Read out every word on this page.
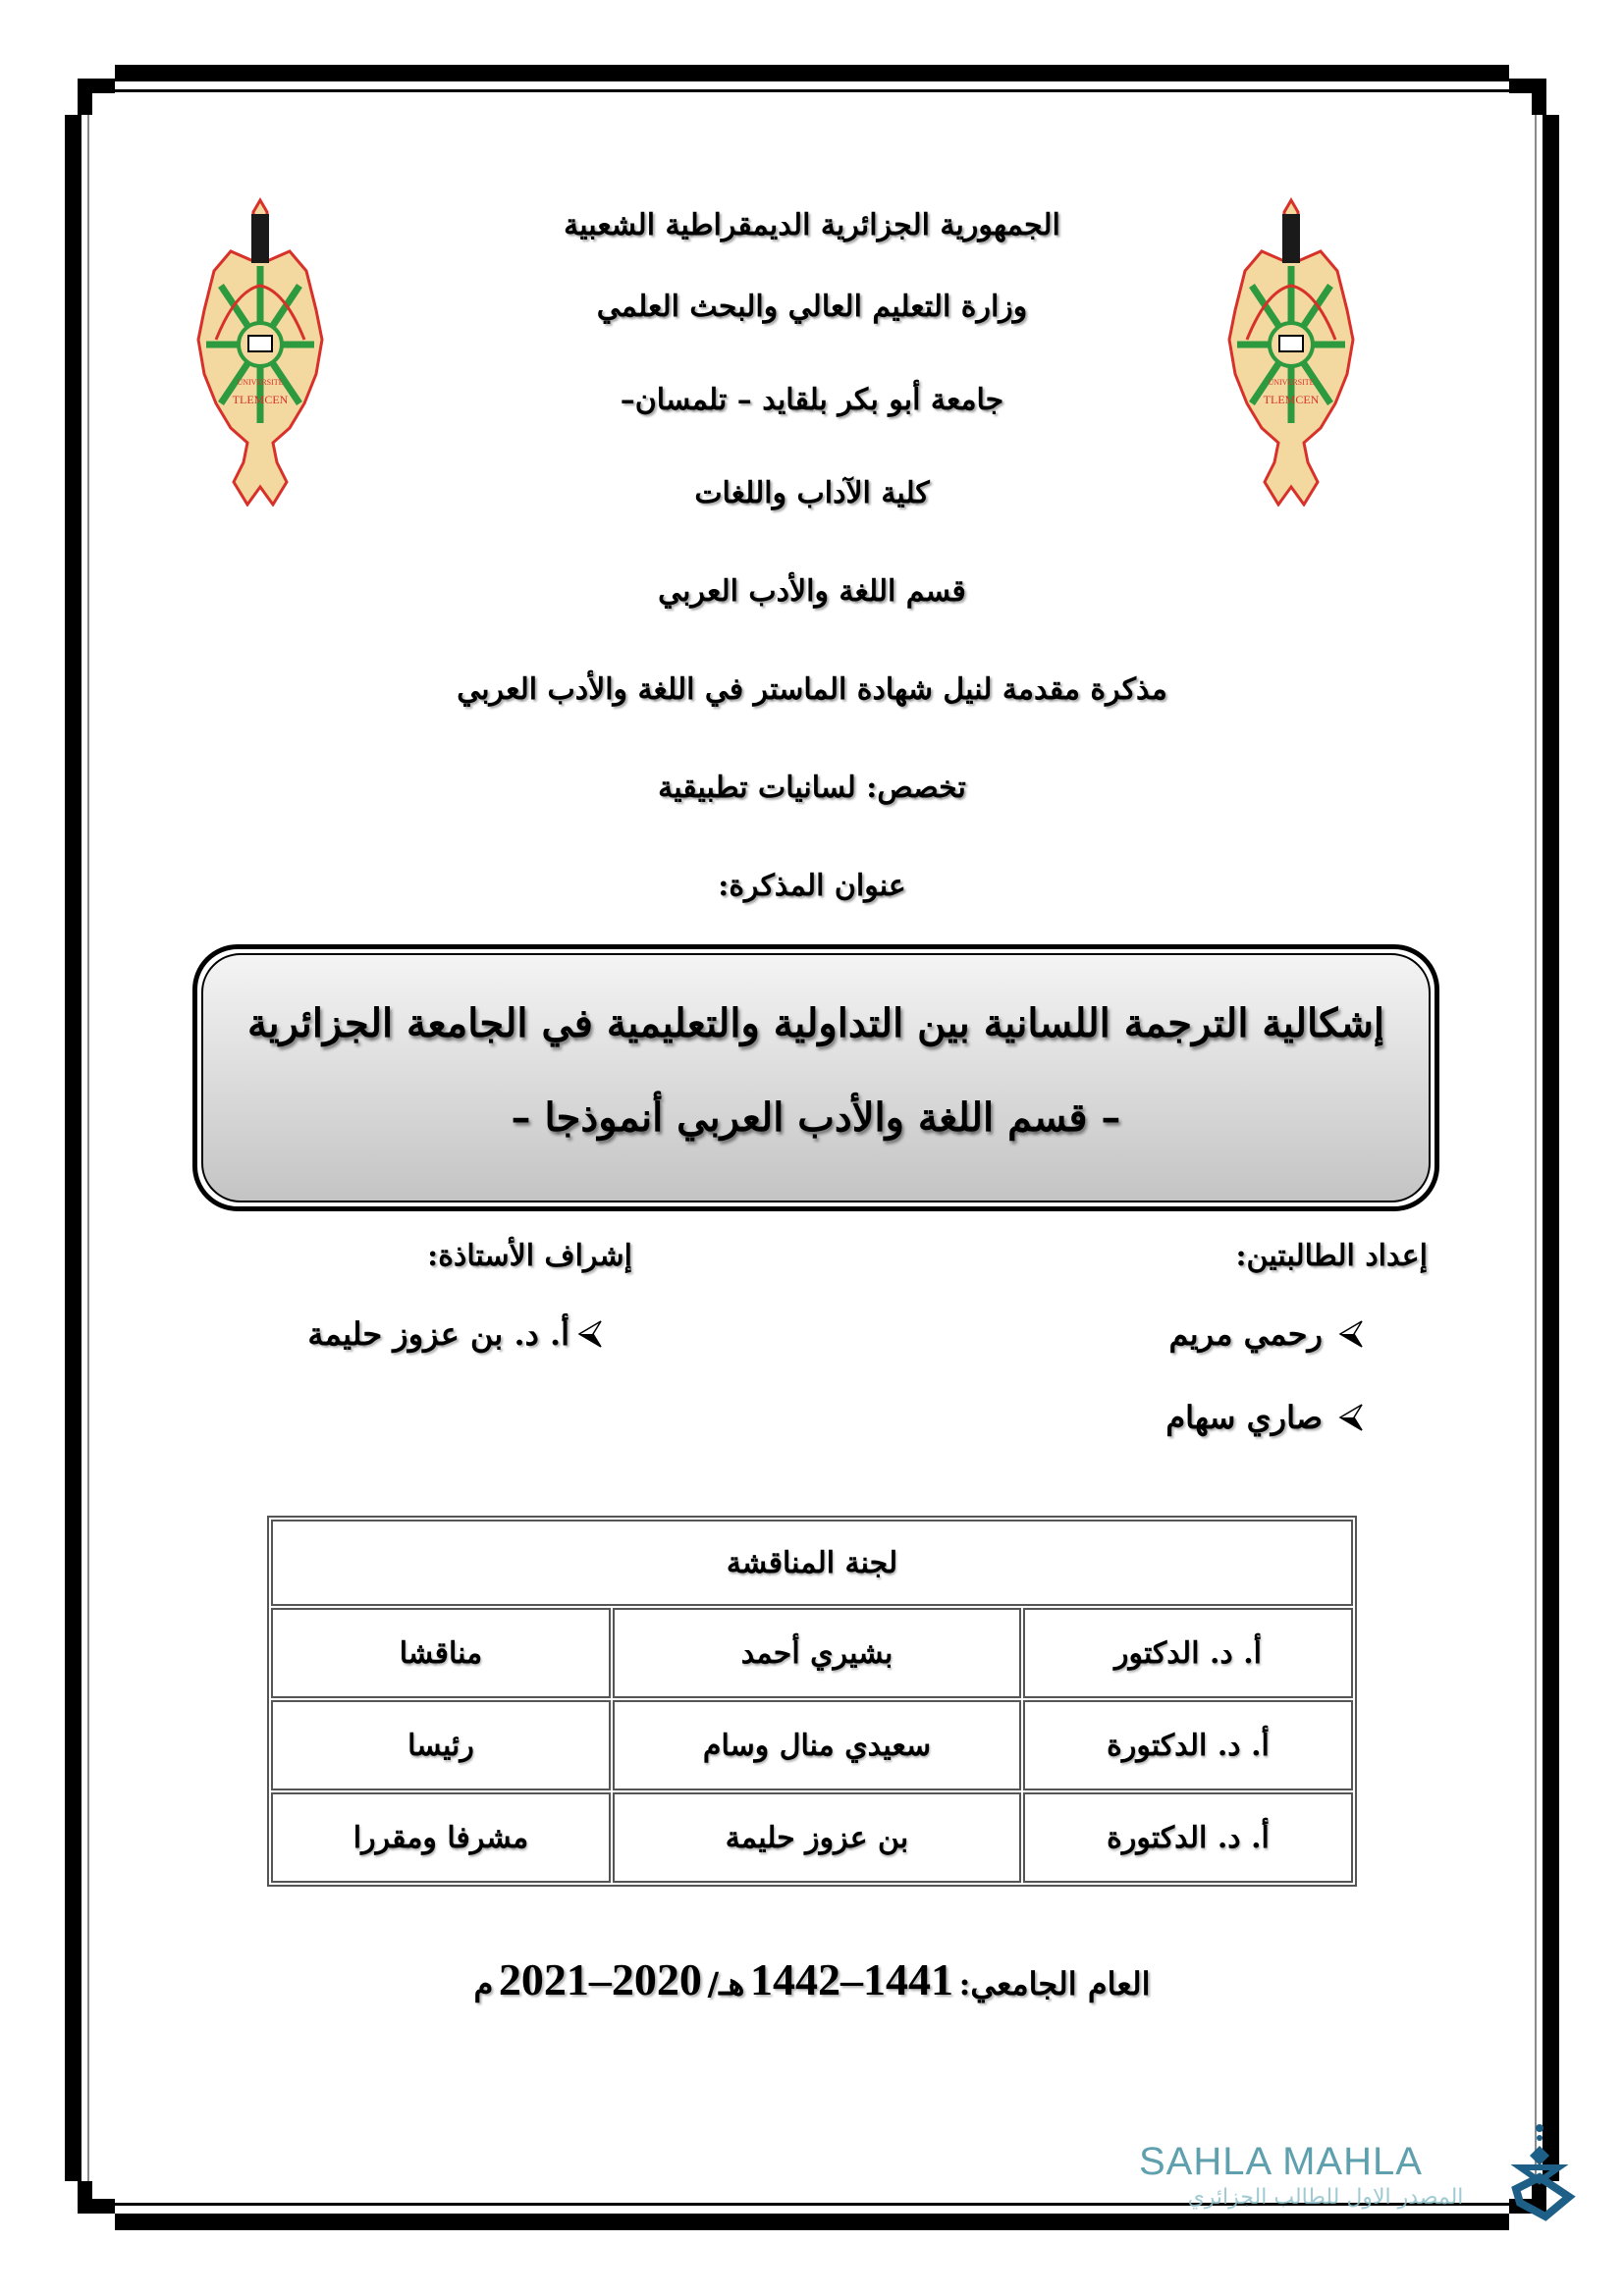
TLEMCEN
UNIVERSITE
TLEMCEN
UNIVERSITE
الجمهورية الجزائرية الديمقراطية الشعبية
وزارة التعليم العالي والبحث العلمي
جامعة أبو بكر بلقايد – تلمسان–
كلية الآداب واللغات
قسم اللغة والأدب العربي
مذكرة مقدمة لنيل شهادة الماستر في اللغة والأدب العربي
تخصص: لسانيات تطبيقية
عنوان المذكرة:
إشكالية الترجمة اللسانية بين التداولية والتعليمية في الجامعة الجزائرية
– قسم اللغة والأدب العربي أنموذجا –
إعداد الطالبتين:
رحمي مريم
صاري سهام
إشراف الأستاذة:
أ. د. بن عزوز حليمة
لجنة المناقشة		
أ. د. الدكتور	بشيري أحمد	مناقشا
أ. د. الدكتورة	سعيدي منال وسام	رئيسا
أ. د. الدكتورة	بن عزوز حليمة	مشرفا ومقررا
العام الجامعي: 1441–1442 هـ/ 2020–2021 م
SAHLA MAHLA
المصدر الاول للطالب الجزائري
